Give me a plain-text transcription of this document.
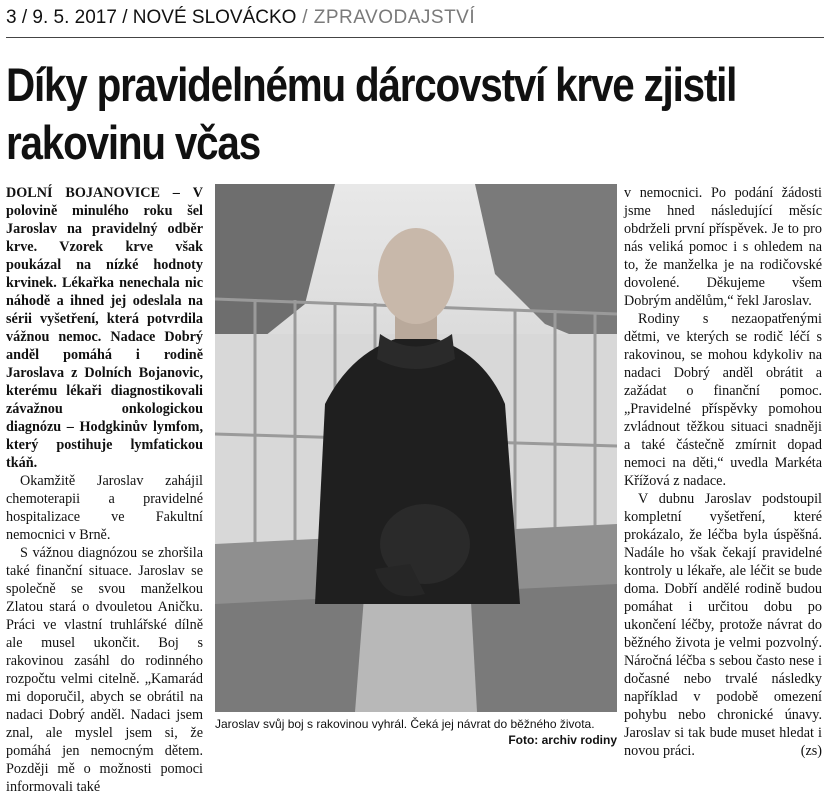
3 / 9. 5. 2017 / NOVÉ SLOVÁCKO / ZPRAVODAJSTVÍ
Díky pravidelnému dárcovství krve zjistil rakovinu včas

DOLNÍ BOJANOVICE – V polovině minulého roku šel Jaroslav na pravidelný odběr krve. Vzorek krve však poukázal na nízké hodnoty krvinek. Lékařka nenechala nic náhodě a ihned jej odeslala na sérii vyšetření, která potvrdila vážnou nemoc. Nadace Dobrý anděl pomáhá i rodině Jaroslava z Dolních Bojanovic, kterému lékaři diagnostikovali závažnou onkologickou diagnózu – Hodgkinův lymfom, který postihuje lymfatickou tkáň.

Okamžitě Jaroslav zahájil chemoterapii a pravidelné hospitalizace ve Fakultní nemocnici v Brně.

S vážnou diagnózou se zhoršila také finanční situace. Jaroslav se společně se svou manželkou Zlatou stará o dvouletou Aničku. Práci ve vlastní truhlářské dílně ale musel ukončit. Boj s rakovinou zasáhl do rodinného rozpočtu velmi citelně. „Kamarád mi doporučil, abych se obrátil na nadaci Dobrý anděl. Nadaci jsem znal, ale myslel jsem si, že pomáhá jen nemocným dětem. Později mě o možnosti pomoci informovali také

Jaroslav svůj boj s rakovinou vyhrál. Čeká jej návrat do běžného života.
Foto: archiv rodiny

v nemocnici. Po podání žádosti jsme hned následující měsíc obdrželi první příspěvek. Je to pro nás veliká pomoc i s ohledem na to, že manželka je na rodičovské dovolené. Děkujeme všem Dobrým andělům,“ řekl Jaroslav.

Rodiny s nezaopatřenými dětmi, ve kterých se rodič léčí s rakovinou, se mohou kdykoliv na nadaci Dobrý anděl obrátit a zažádat o finanční pomoc. „Pravidelné příspěvky pomohou zvládnout těžkou situaci snadněji a také částečně zmírnit dopad nemoci na děti,“ uvedla Markéta Křížová z nadace.

V dubnu Jaroslav podstoupil kompletní vyšetření, které prokázalo, že léčba byla úspěšná. Nadále ho však čekají pravidelné kontroly u lékaře, ale léčit se bude doma. Dobří andělé rodině budou pomáhat i určitou dobu po ukončení léčby, protože návrat do běžného života je velmi pozvolný. Náročná léčba s sebou často nese i dočasné nebo trvalé následky například v podobě omezení pohybu nebo chronické únavy. Jaroslav si tak bude muset hledat i novou práci.	(zs)
